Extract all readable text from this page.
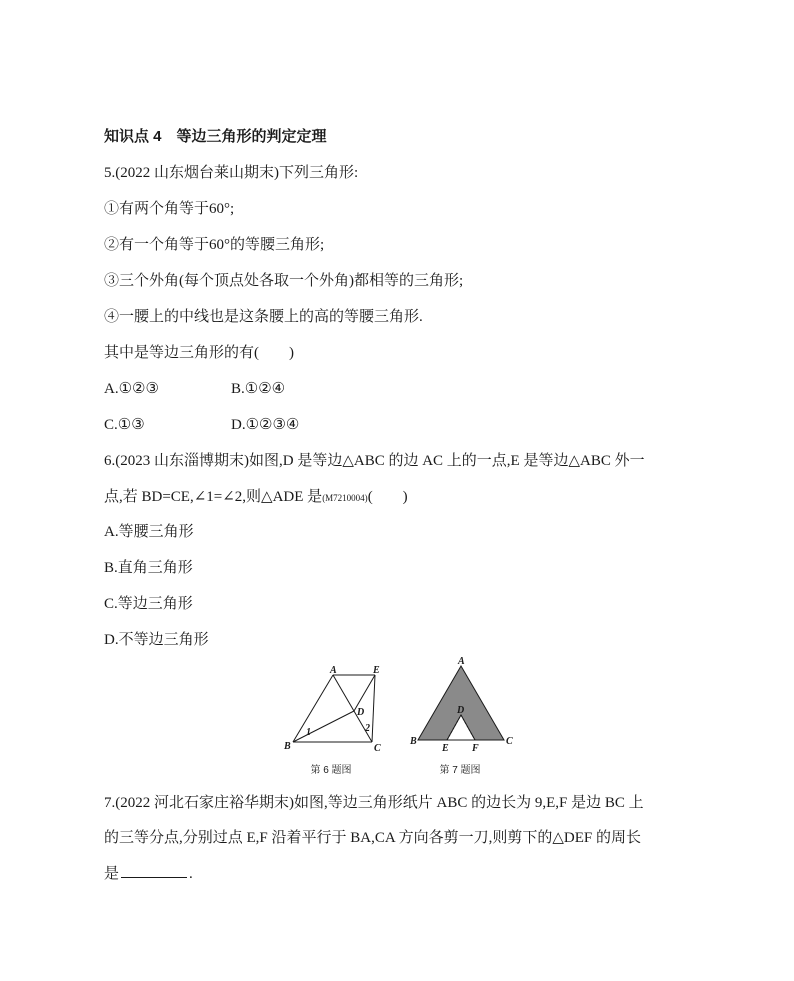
知识点 4　等边三角形的判定定理
5.(2022 山东烟台莱山期末)下列三角形:
①有两个角等于60°;
②有一个角等于60°的等腰三角形;
③三个外角(每个顶点处各取一个外角)都相等的三角形;
④一腰上的中线也是这条腰上的高的等腰三角形.
其中是等边三角形的有(　　)
A.①②③	B.①②④
C.①③	D.①②③④
6.(2023 山东淄博期末)如图,D 是等边△ABC 的边 AC 上的一点,E 是等边△ABC 外一
点,若 BD=CE,∠1=∠2,则△ADE 是(M7210004)(　　)
A.等腰三角形
B.直角三角形
C.等边三角形
D.不等边三角形
A	E
D
B	C
1	2
A
B	C
D
E F
第 6 题图	第 7 题图
7.(2022 河北石家庄裕华期末)如图,等边三角形纸片 ABC 的边长为 9,E,F 是边 BC 上
的三等分点,分别过点 E,F 沿着平行于 BA,CA 方向各剪一刀,则剪下的△DEF 的周长
是	.
